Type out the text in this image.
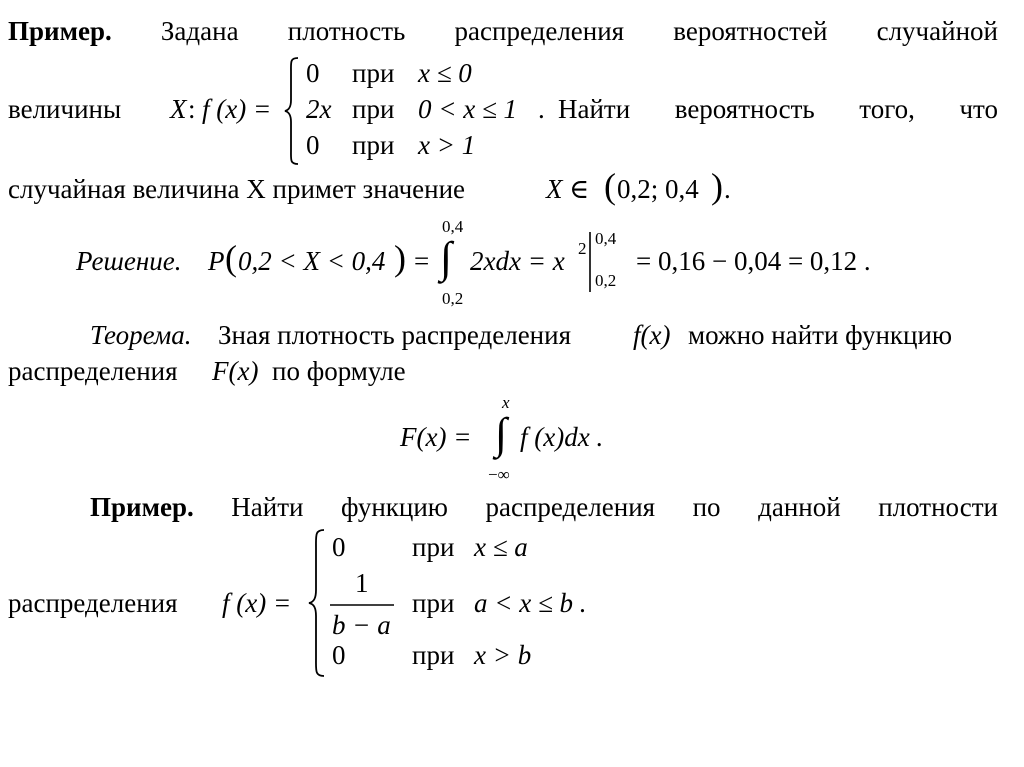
Пример. Задана плотность распределения вероятностей случайной
величины X : f (x) =
0 при x ≤ 0
2x при 0 < x ≤ 1 .
0 при x > 1
Найти вероятность того, что
случайная величина X примет значение	X ∈ ( 0,2; 0,4 ) .
Решение. P ( 0,2 < X < 0,4 ) =
0,4
∫
0,2
2xdx = x 2
0,4
0,2
= 0,16 − 0,04 = 0,12 .
Теорема. Зная плотность распределения f(x) можно найти функцию
распределения F(x) по формуле
F(x) =
x
∫
−∞
f (x)dx .
Пример. Найти функцию распределения по данной плотности
распределения f (x) =
0 при x ≤ a
1
b − a
при a < x ≤ b .
0 при x > b
